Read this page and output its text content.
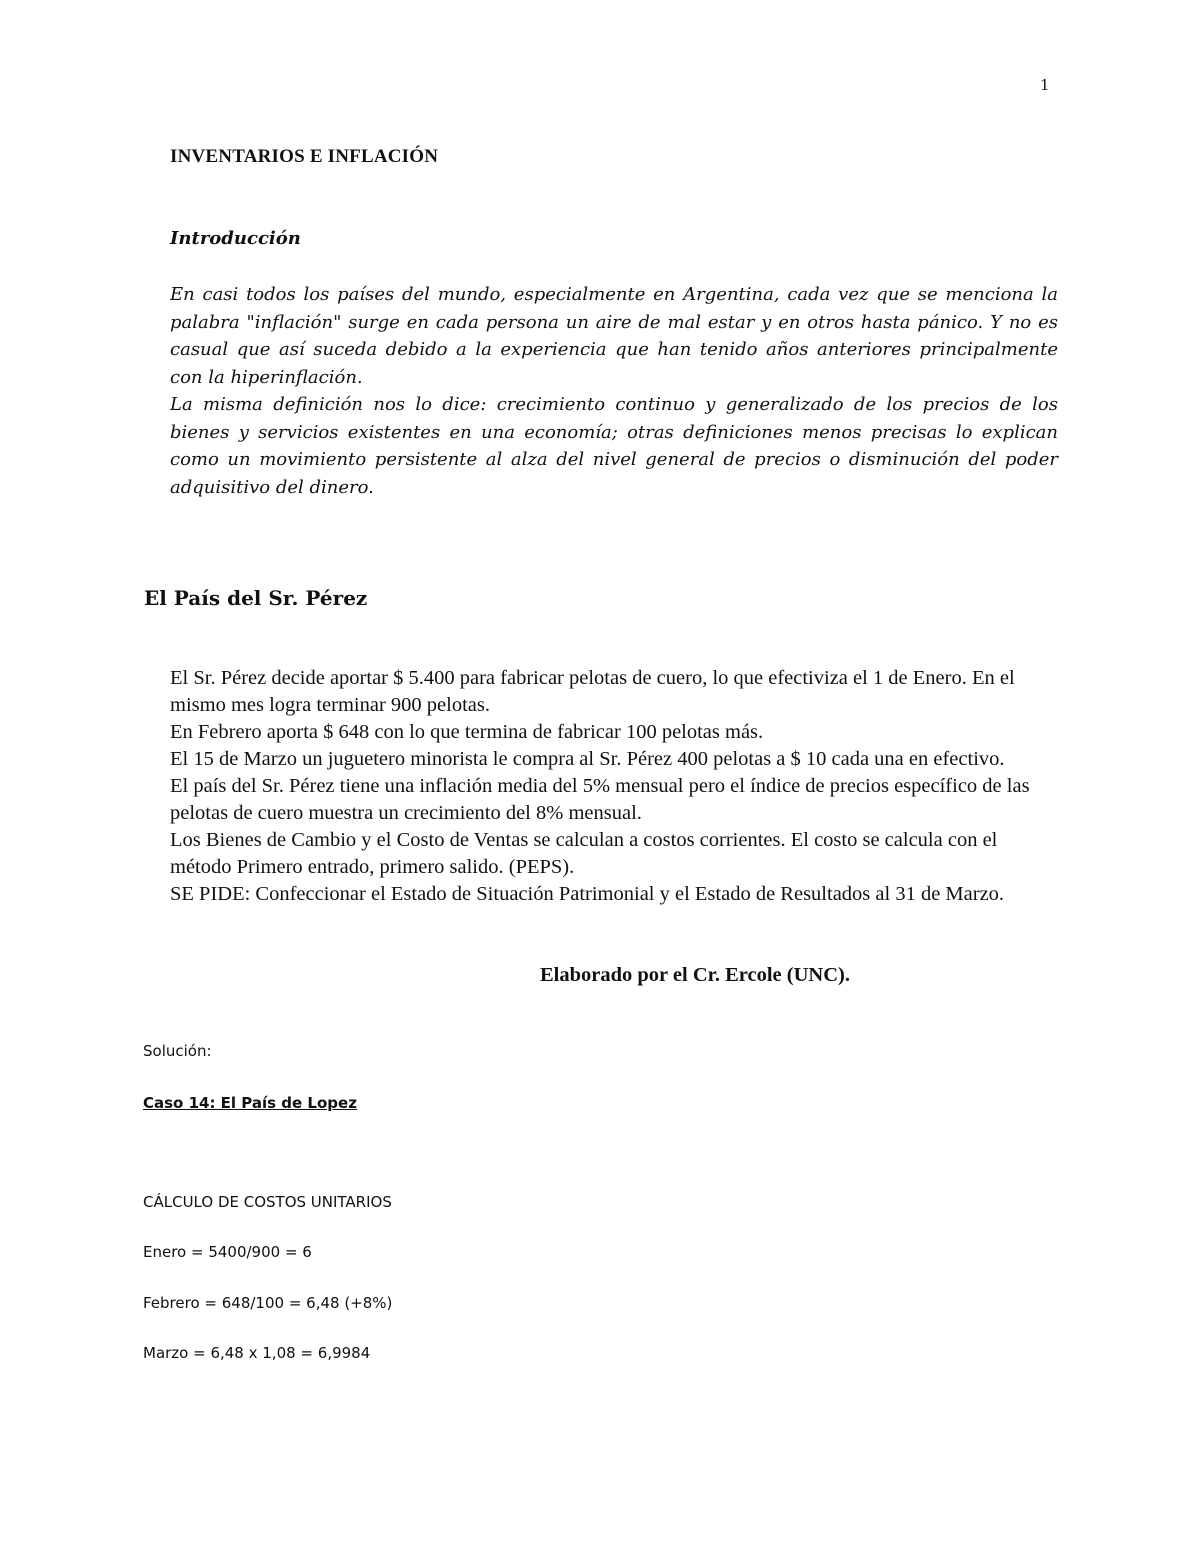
1
INVENTARIOS E INFLACIÓN
Introducción

En casi todos los países del mundo, especialmente en Argentina, cada vez que se menciona la palabra "inflación" surge en cada persona un aire de mal estar y en otros hasta pánico. Y no es casual que así suceda debido a la experiencia que han tenido años anteriores principalmente con la hiperinflación.

La misma definición nos lo dice: crecimiento continuo y generalizado de los precios de los bienes y servicios existentes en una economía; otras definiciones menos precisas lo explican como un movimiento persistente al alza del nivel general de precios o disminución del poder adquisitivo del dinero.

El País del Sr. Pérez

El Sr. Pérez decide aportar $ 5.400 para fabricar pelotas de cuero, lo que efectiviza el 1 de Enero. En el mismo mes logra terminar 900 pelotas.

En Febrero aporta $ 648 con lo que termina de fabricar 100 pelotas más.

El 15 de Marzo un juguetero minorista le compra al Sr. Pérez 400 pelotas a $ 10 cada una en efectivo.

El país del Sr. Pérez tiene una inflación media del 5% mensual pero el índice de precios específico de las pelotas de cuero muestra un crecimiento del 8% mensual.

Los Bienes de Cambio y el Costo de Ventas se calculan a costos corrientes. El costo se calcula con el método Primero entrado, primero salido. (PEPS).

SE PIDE: Confeccionar el Estado de Situación Patrimonial y el Estado de Resultados al 31 de Marzo.

Elaborado por el Cr. Ercole (UNC).
Solución:
Caso 14: El País de Lopez
CÁLCULO DE COSTOS UNITARIOS
Enero = 5400/900 = 6
Febrero = 648/100 = 6,48 (+8%)
Marzo = 6,48 x 1,08 = 6,9984
